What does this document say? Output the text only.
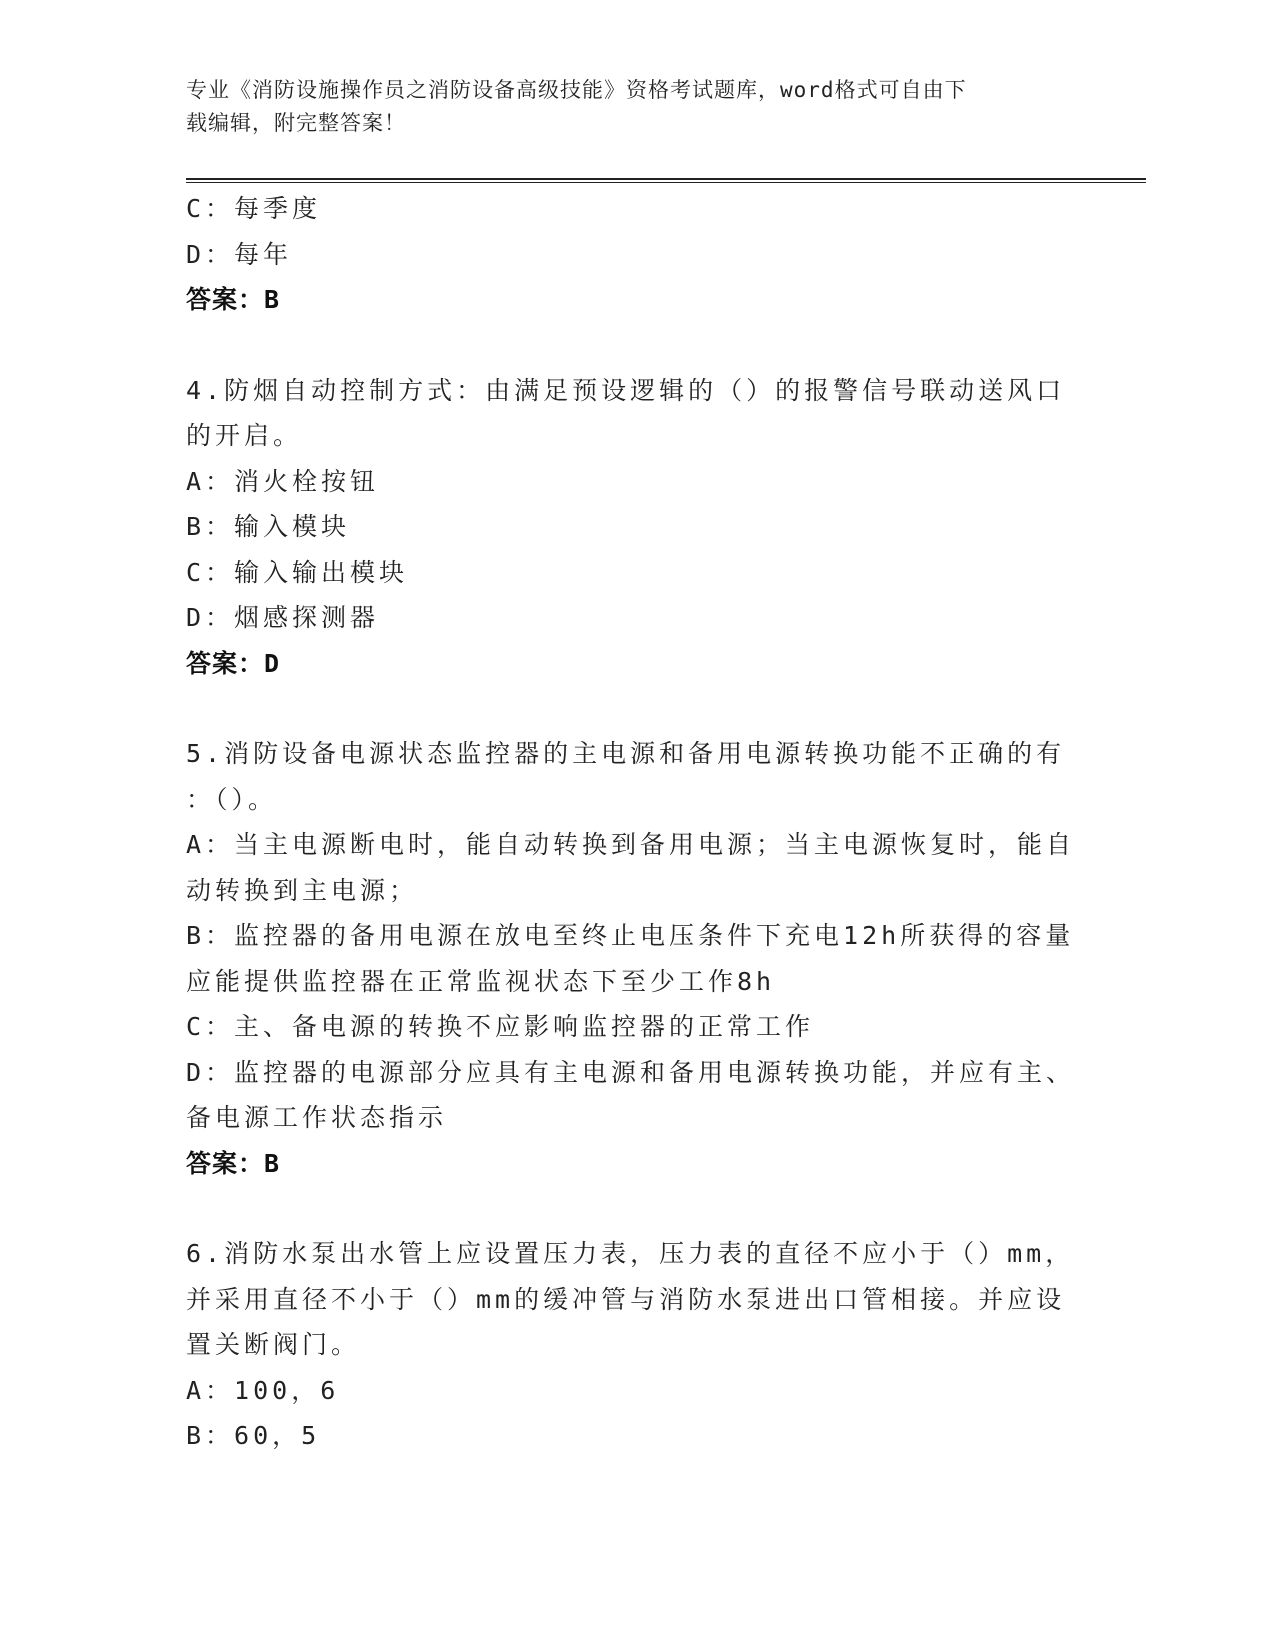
专业《消防设施操作员之消防设备高级技能》资格考试题库，word格式可自由下
载编辑，附完整答案！
C：每季度
D：每年
答案：B
4.防烟自动控制方式：由满足预设逻辑的（）的报警信号联动送风口
的开启。
A：消火栓按钮
B：输入模块
C：输入输出模块
D：烟感探测器
答案：D
5.消防设备电源状态监控器的主电源和备用电源转换功能不正确的有
：（）。
A：当主电源断电时，能自动转换到备用电源；当主电源恢复时，能自
动转换到主电源；
B：监控器的备用电源在放电至终止电压条件下充电12h所获得的容量
应能提供监控器在正常监视状态下至少工作8h
C：主、备电源的转换不应影响监控器的正常工作
D：监控器的电源部分应具有主电源和备用电源转换功能，并应有主、
备电源工作状态指示
答案：B
6.消防水泵出水管上应设置压力表，压力表的直径不应小于（）mm，
并采用直径不小于（）mm的缓冲管与消防水泵进出口管相接。并应设
置关断阀门。
A：100，6
B：60，5
